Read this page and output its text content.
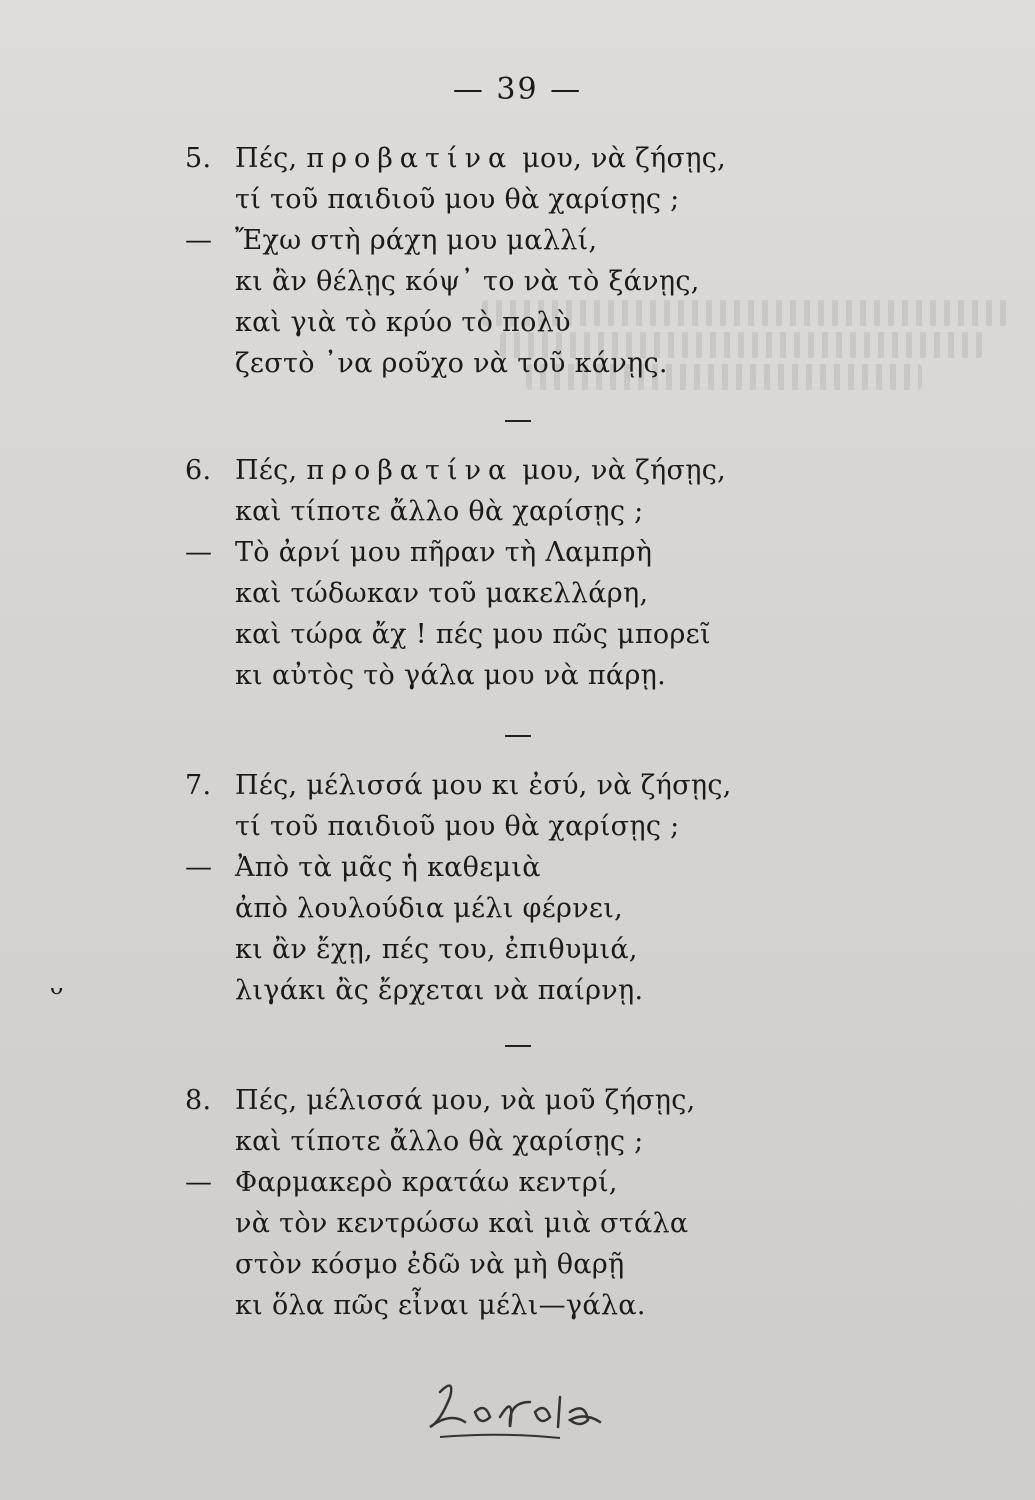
— 39 —
5. Πές, προβατίνα μου, νὰ ζήσῃς,
τί τοῦ παιδιοῦ μου θὰ χαρίσῃς ;
— Ἔχω στὴ ράχη μου μαλλί,
κι ἂν θέλῃς κόψ᾽ το νὰ τὸ ξάνῃς,
καὶ γιὰ τὸ κρύο τὸ πολὺ
ζεστὸ ᾽να ροῦχο νὰ τοῦ κάνῃς.
6. Πές, προβατίνα μου, νὰ ζήσῃς,
καὶ τίποτε ἄλλο θὰ χαρίσῃς ;
— Τὸ ἀρνί μου πῆραν τὴ Λαμπρὴ
καὶ τώδωκαν τοῦ μακελλάρη,
καὶ τώρα ἄχ ! πές μου πῶς μπορεῖ
κι αὐτὸς τὸ γάλα μου νὰ πάρῃ.
7. Πές, μέλισσά μου κι ἐσύ, νὰ ζήσῃς,
τί τοῦ παιδιοῦ μου θὰ χαρίσῃς ;
— Ἀπὸ τὰ μᾶς ἡ καθεμιὰ
ἀπὸ λουλούδια μέλι φέρνει,
κι ἂν ἔχῃ, πές του, ἐπιθυμιά,
λιγάκι ἂς ἔρχεται νὰ παίρνῃ.
8. Πές, μέλισσά μου, νὰ μοῦ ζήσῃς,
καὶ τίποτε ἄλλο θὰ χαρίσῃς ;
— Φαρμακερὸ κρατάω κεντρί,
νὰ τὸν κεντρώσω καὶ μιὰ στάλα
στὸν κόσμο ἐδῶ νὰ μὴ θαρῇ
κι ὅλα πῶς εἶναι μέλι—γάλα.
ᴗ
